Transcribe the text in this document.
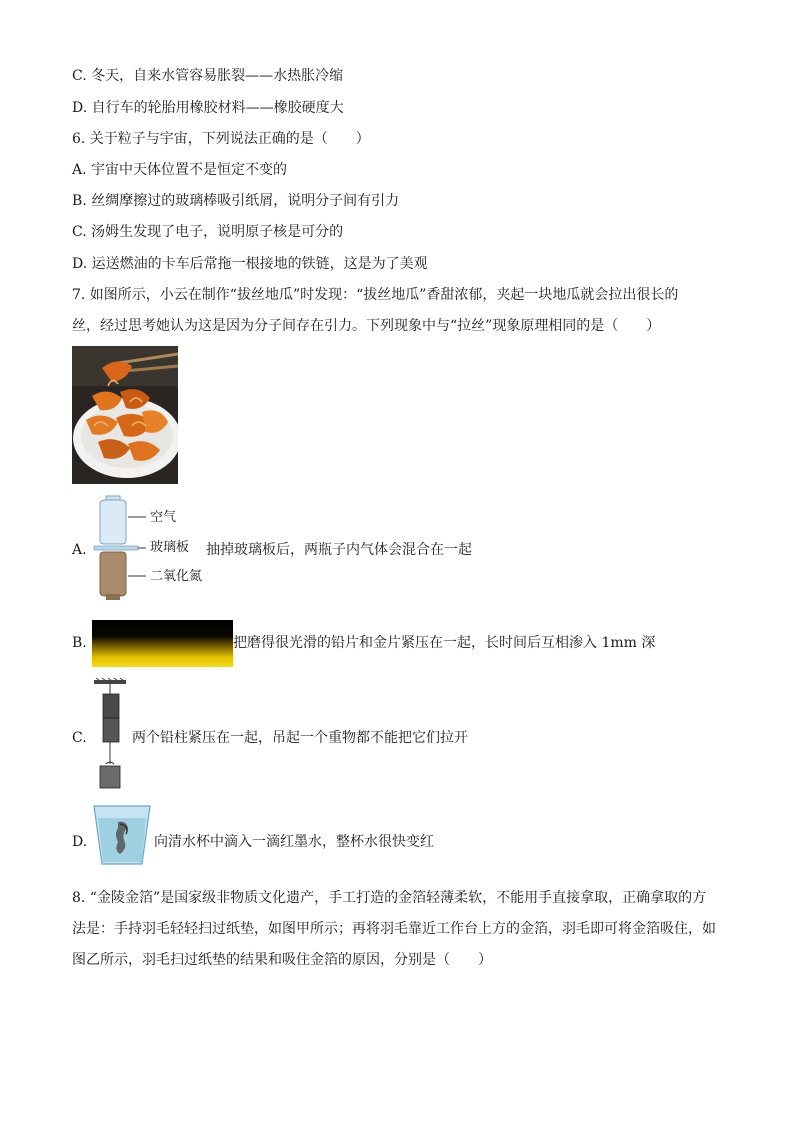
C. 冬天，自来水管容易胀裂——水热胀冷缩
D. 自行车的轮胎用橡胶材料——橡胶硬度大
6. 关于粒子与宇宙，下列说法正确的是（　　）
A. 宇宙中天体位置不是恒定不变的
B. 丝绸摩擦过的玻璃棒吸引纸屑，说明分子间有引力
C. 汤姆生发现了电子，说明原子核是可分的
D. 运送燃油的卡车后常拖一根接地的铁链，这是为了美观
7. 如图所示，小云在制作“拔丝地瓜”时发现：“拔丝地瓜”香甜浓郁，夹起一块地瓜就会拉出很长的
丝，经过思考她认为这是因为分子间存在引力。下列现象中与“拉丝”现象原理相同的是（　　）
A.
空气
玻璃板
二氧化氮
抽掉玻璃板后，两瓶子内气体会混合在一起
B.	把磨得很光滑的铅片和金片紧压在一起，长时间后互相渗入 1mm 深
C.	两个铅柱紧压在一起，吊起一个重物都不能把它们拉开
D.	向清水杯中滴入一滴红墨水，整杯水很快变红
8. “金陵金箔”是国家级非物质文化遗产，手工打造的金箔轻薄柔软，不能用手直接拿取，正确拿取的方
法是：手持羽毛轻轻扫过纸垫，如图甲所示；再将羽毛靠近工作台上方的金箔，羽毛即可将金箔吸住，如
图乙所示，羽毛扫过纸垫的结果和吸住金箔的原因，分别是（　　）
